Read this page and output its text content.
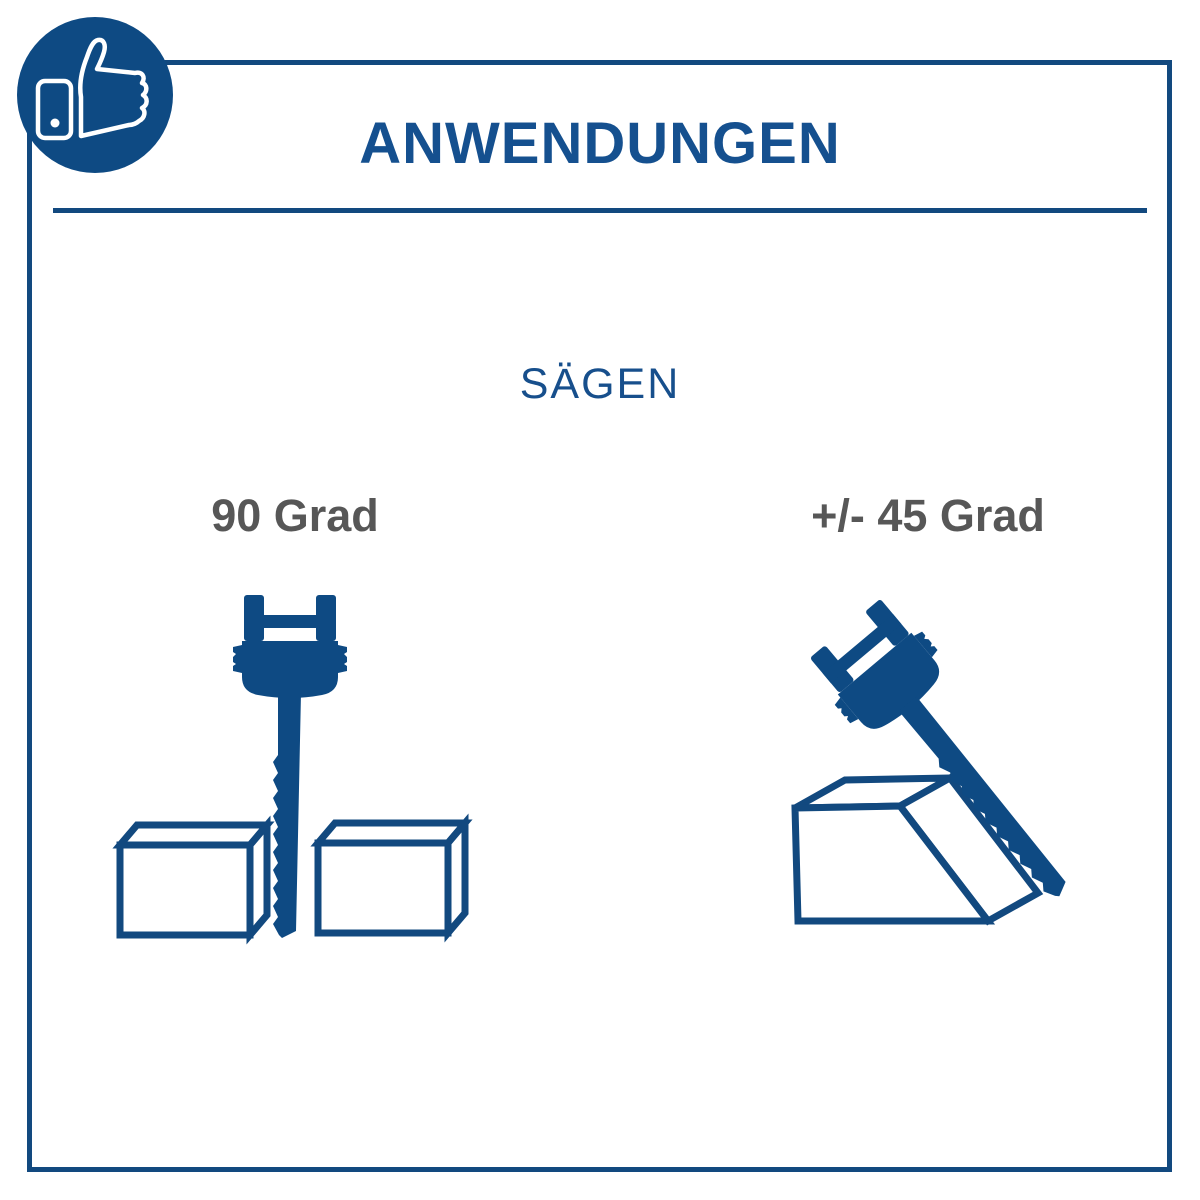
ANWENDUNGEN
SÄGEN
90 Grad	+/- 45 Grad
